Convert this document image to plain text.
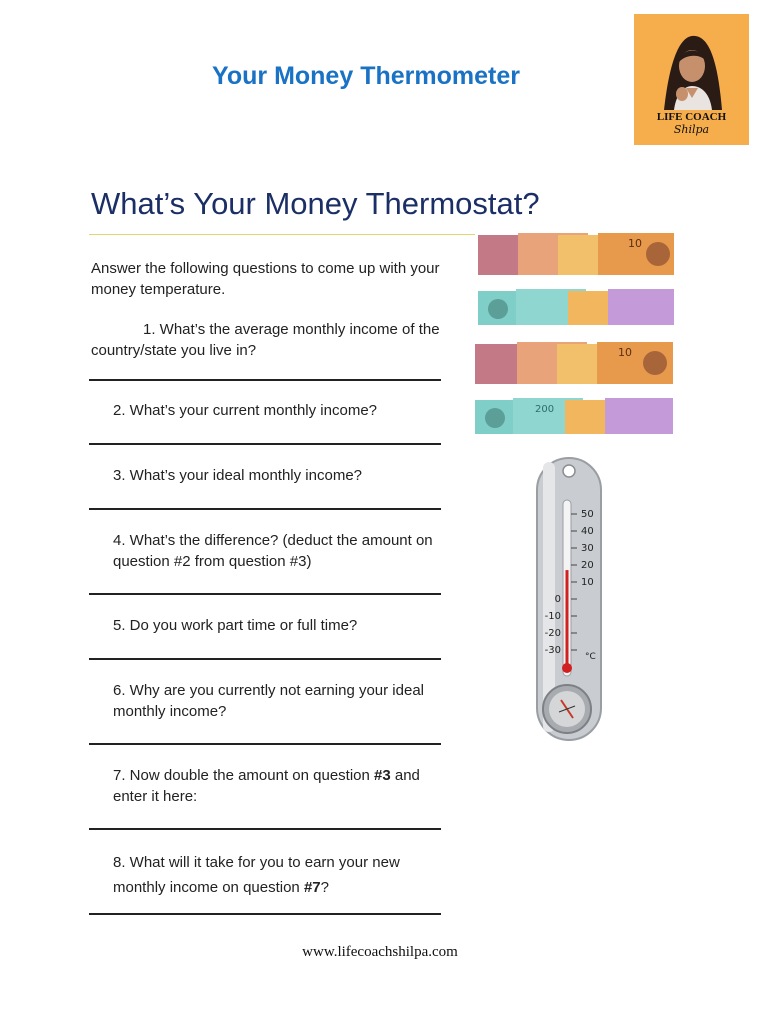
Your Money Thermometer
LIFE COACH
Shilpa
What’s Your Money Thermostat?
Answer the following questions to come up with your money temperature.
1. What’s the average monthly income of the country/state you live in?
2. What’s your current monthly income?
3. What’s your ideal monthly income?
4. What’s the difference? (deduct the amount on question #2 from question #3)
5. Do you work part time or full time?
6. Why are you currently not earning your ideal monthly income?
7. Now double the amount on question #3 and enter it here:
8. What will it take for you to earn your new monthly income on question #7?
10
10
200
50
40
30
20
10
0
-10
-20
-30
°C
www.lifecoachshilpa.com
